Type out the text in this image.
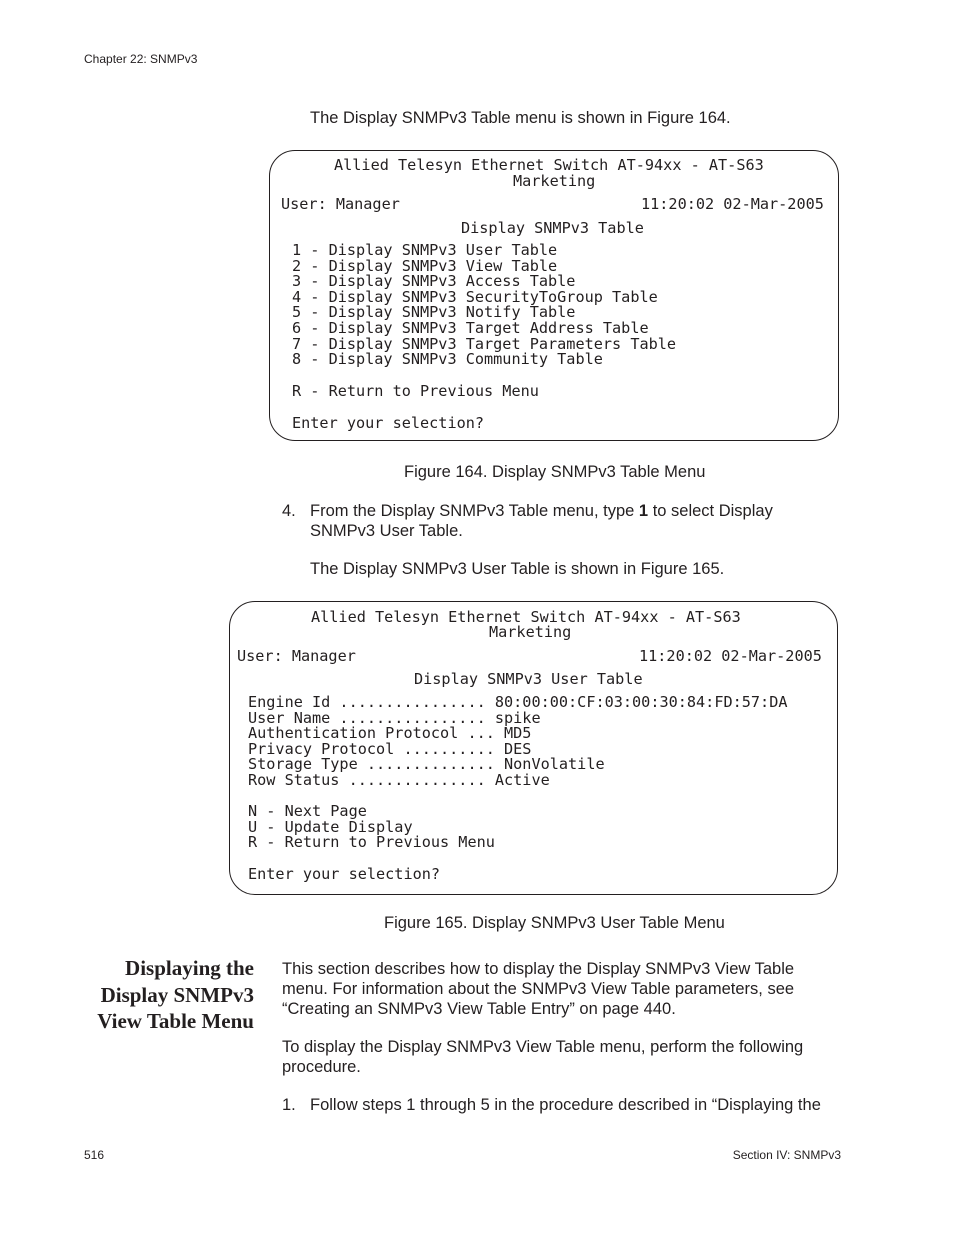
Chapter 22: SNMPv3

The Display SNMPv3 Table menu is shown in Figure 164.

Allied Telesyn Ethernet Switch AT-94xx - AT-S63

Marketing

User: Manager	11:20:02 02-Mar-2005

Display SNMPv3 Table

1 - Display SNMPv3 User Table

2 - Display SNMPv3 View Table

3 - Display SNMPv3 Access Table

4 - Display SNMPv3 SecurityToGroup Table

5 - Display SNMPv3 Notify Table

6 - Display SNMPv3 Target Address Table

7 - Display SNMPv3 Target Parameters Table

8 - Display SNMPv3 Community Table

R - Return to Previous Menu

Enter your selection?

Figure 164. Display SNMPv3 Table Menu

4. From the Display SNMPv3 Table menu, type 1 to select Display

SNMPv3 User Table.

The Display SNMPv3 User Table is shown in Figure 165.

Allied Telesyn Ethernet Switch AT-94xx - AT-S63

Marketing

User: Manager	11:20:02 02-Mar-2005

Display SNMPv3 User Table

Engine Id ................ 80:00:00:CF:03:00:30:84:FD:57:DA

User Name ................ spike

Authentication Protocol ... MD5

Privacy Protocol .......... DES

Storage Type .............. NonVolatile

Row Status ............... Active

N - Next Page

U - Update Display

R - Return to Previous Menu

Enter your selection?

Figure 165. Display SNMPv3 User Table Menu

Displaying the
Display SNMPv3
View Table Menu
This section describes how to display the Display SNMPv3 View Table
menu. For information about the SNMPv3 View Table parameters, see
“Creating an SNMPv3 View Table Entry” on page 440.
To display the Display SNMPv3 View Table menu, perform the following
procedure.

1. Follow steps 1 through 5 in the procedure described in “Displaying the

516	Section IV: SNMPv3
